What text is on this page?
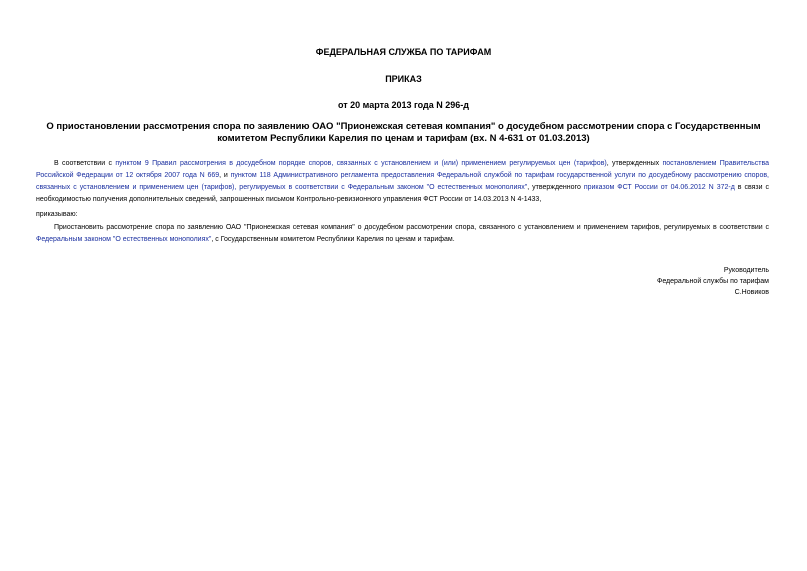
ФЕДЕРАЛЬНАЯ СЛУЖБА ПО ТАРИФАМ
ПРИКАЗ
от 20 марта 2013 года N 296-д
О приостановлении рассмотрения спора по заявлению ОАО "Прионежская сетевая компания" о досудебном рассмотрении спора с Государственным комитетом Республики Карелия по ценам и тарифам (вх. N 4-631 от 01.03.2013)

В соответствии с пунктом 9 Правил рассмотрения в досудебном порядке споров, связанных с установлением и (или) применением регулируемых цен (тарифов), утвержденных постановлением Правительства Российской Федерации от 12 октября 2007 года N 669, и пунктом 118 Административного регламента предоставления Федеральной службой по тарифам государственной услуги по досудебному рассмотрению споров, связанных с установлением и применением цен (тарифов), регулируемых в соответствии с Федеральным законом "О естественных монополиях", утвержденного приказом ФСТ России от 04.06.2012 N 372-д в связи с необходимостью получения дополнительных сведений, запрошенных письмом Контрольно-ревизионного управления ФСТ России от 14.03.2013 N 4-1433,

приказываю:

Приостановить рассмотрение спора по заявлению ОАО "Прионежская сетевая компания" о досудебном рассмотрении спора, связанного с установлением и применением тарифов, регулируемых в соответствии с Федеральным законом "О естественных монополиях", с Государственным комитетом Республики Карелия по ценам и тарифам.

Руководитель
Федеральной службы по тарифам
С.Новиков
